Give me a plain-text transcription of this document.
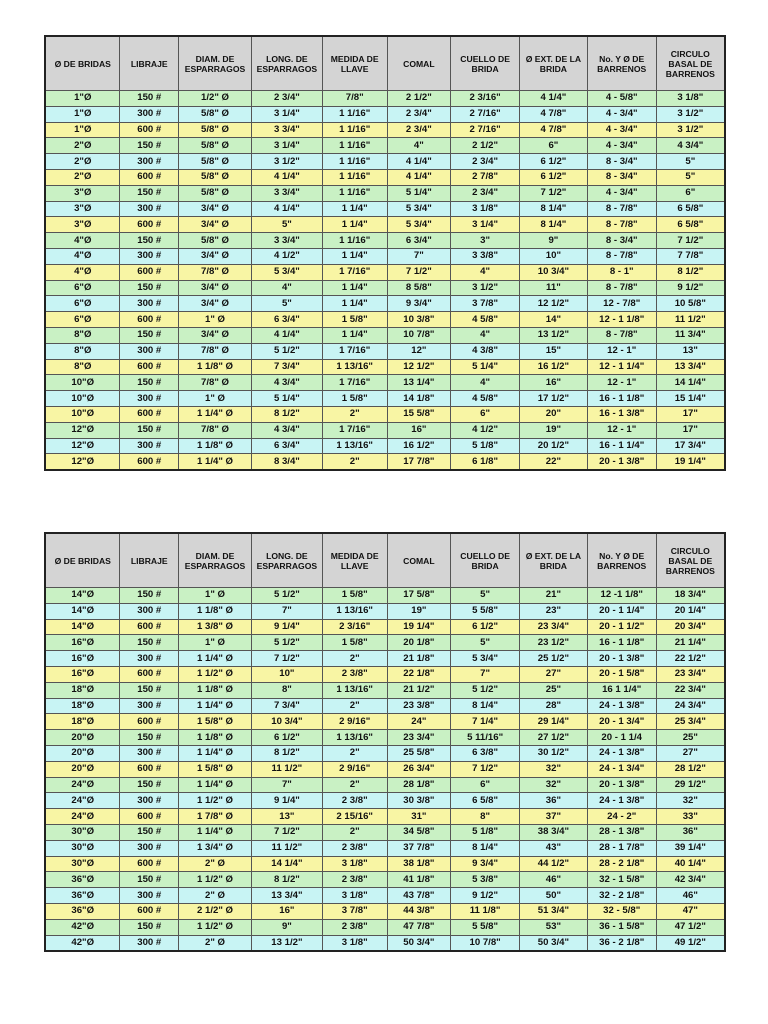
Ø DE BRIDAS	LIBRAJE	DIAM. DE ESPARRAGOS	LONG. DE ESPARRAGOS	MEDIDA DE LLAVE	COMAL	CUELLO DE BRIDA	Ø EXT. DE LA BRIDA	No. Y Ø DE BARRENOS	CIRCULO BASAL DE BARRENOS
1"Ø	150 #	1/2" Ø	2 3/4"	7/8"	2 1/2"	2 3/16"	4 1/4"	4 - 5/8"	3 1/8"
1"Ø	300 #	5/8" Ø	3 1/4"	1 1/16"	2 3/4"	2 7/16"	4 7/8"	4 - 3/4"	3 1/2"
1"Ø	600 #	5/8" Ø	3 3/4"	1 1/16"	2 3/4"	2 7/16"	4 7/8"	4 - 3/4"	3 1/2"
2"Ø	150 #	5/8" Ø	3 1/4"	1 1/16"	4"	2 1/2"	6"	4 - 3/4"	4 3/4"
2"Ø	300 #	5/8" Ø	3 1/2"	1 1/16"	4 1/4"	2 3/4"	6 1/2"	8 - 3/4"	5"
2"Ø	600 #	5/8" Ø	4 1/4"	1 1/16"	4 1/4"	2 7/8"	6 1/2"	8 - 3/4"	5"
3"Ø	150 #	5/8" Ø	3 3/4"	1 1/16"	5 1/4"	2 3/4"	7 1/2"	4 - 3/4"	6"
3"Ø	300 #	3/4" Ø	4 1/4"	1 1/4"	5 3/4"	3 1/8"	8 1/4"	8 - 7/8"	6 5/8"
3"Ø	600 #	3/4" Ø	5"	1 1/4"	5 3/4"	3 1/4"	8 1/4"	8 - 7/8"	6 5/8"
4"Ø	150 #	5/8" Ø	3 3/4"	1 1/16"	6 3/4"	3"	9"	8 - 3/4"	7 1/2"
4"Ø	300 #	3/4" Ø	4 1/2"	1 1/4"	7"	3 3/8"	10"	8 - 7/8"	7 7/8"
4"Ø	600 #	7/8" Ø	5 3/4"	1 7/16"	7 1/2"	4"	10 3/4"	8 - 1"	8 1/2"
6"Ø	150 #	3/4" Ø	4"	1 1/4"	8 5/8"	3 1/2"	11"	8 - 7/8"	9 1/2"
6"Ø	300 #	3/4" Ø	5"	1 1/4"	9 3/4"	3 7/8"	12 1/2"	12 - 7/8"	10 5/8"
6"Ø	600 #	1" Ø	6 3/4"	1 5/8"	10 3/8"	4 5/8"	14"	12 - 1 1/8"	11 1/2"
8"Ø	150 #	3/4" Ø	4 1/4"	1 1/4"	10 7/8"	4"	13 1/2"	8 - 7/8"	11 3/4"
8"Ø	300 #	7/8" Ø	5 1/2"	1 7/16"	12"	4 3/8"	15"	12 - 1"	13"
8"Ø	600 #	1 1/8" Ø	7 3/4"	1 13/16"	12 1/2"	5 1/4"	16 1/2"	12 - 1 1/4"	13 3/4"
10"Ø	150 #	7/8" Ø	4 3/4"	1 7/16"	13 1/4"	4"	16"	12 - 1"	14 1/4"
10"Ø	300 #	1" Ø	5 1/4"	1 5/8"	14 1/8"	4 5/8"	17 1/2"	16 - 1 1/8"	15 1/4"
10"Ø	600 #	1 1/4" Ø	8 1/2"	2"	15 5/8"	6"	20"	16 - 1 3/8"	17"
12"Ø	150 #	7/8" Ø	4 3/4"	1 7/16"	16"	4 1/2"	19"	12 - 1"	17"
12"Ø	300 #	1 1/8" Ø	6 3/4"	1 13/16"	16 1/2"	5 1/8"	20 1/2"	16 - 1 1/4"	17 3/4"
12"Ø	600 #	1 1/4" Ø	8 3/4"	2"	17 7/8"	6 1/8"	22"	20 - 1 3/8"	19 1/4"
Ø DE BRIDAS	LIBRAJE	DIAM. DE ESPARRAGOS	LONG. DE ESPARRAGOS	MEDIDA DE LLAVE	COMAL	CUELLO DE BRIDA	Ø EXT. DE LA BRIDA	No. Y Ø DE BARRENOS	CIRCULO BASAL DE BARRENOS
14"Ø	150 #	1" Ø	5 1/2"	1 5/8"	17 5/8"	5"	21"	12 -1 1/8"	18 3/4"
14"Ø	300 #	1 1/8" Ø	7"	1 13/16"	19"	5 5/8"	23"	20 - 1 1/4"	20 1/4"
14"Ø	600 #	1 3/8" Ø	9 1/4"	2 3/16"	19 1/4"	6 1/2"	23 3/4"	20 - 1 1/2"	20 3/4"
16"Ø	150 #	1" Ø	5 1/2"	1 5/8"	20 1/8"	5"	23 1/2"	16 - 1 1/8"	21 1/4"
16"Ø	300 #	1 1/4" Ø	7 1/2"	2"	21 1/8"	5 3/4"	25 1/2"	20 - 1 3/8"	22 1/2"
16"Ø	600 #	1 1/2" Ø	10"	2 3/8"	22 1/8"	7"	27"	20 - 1 5/8"	23 3/4"
18"Ø	150 #	1 1/8" Ø	8"	1 13/16"	21 1/2"	5 1/2"	25"	16 1 1/4"	22 3/4"
18"Ø	300 #	1 1/4" Ø	7 3/4"	2"	23 3/8"	8 1/4"	28"	24 - 1 3/8"	24 3/4"
18"Ø	600 #	1 5/8" Ø	10 3/4"	2 9/16"	24"	7 1/4"	29 1/4"	20 - 1 3/4"	25 3/4"
20"Ø	150 #	1 1/8" Ø	6 1/2"	1 13/16"	23 3/4"	5 11/16"	27 1/2"	20 - 1 1/4	25"
20"Ø	300 #	1 1/4" Ø	8 1/2"	2"	25 5/8"	6 3/8"	30 1/2"	24 - 1 3/8"	27"
20"Ø	600 #	1 5/8" Ø	11 1/2"	2 9/16"	26 3/4"	7 1/2"	32"	24 - 1 3/4"	28 1/2"
24"Ø	150 #	1 1/4" Ø	7"	2"	28 1/8"	6"	32"	20 - 1 3/8"	29 1/2"
24"Ø	300 #	1 1/2" Ø	9 1/4"	2 3/8"	30 3/8"	6 5/8"	36"	24 - 1 3/8"	32"
24"Ø	600 #	1 7/8" Ø	13"	2 15/16"	31"	8"	37"	24 - 2"	33"
30"Ø	150 #	1 1/4" Ø	7 1/2"	2"	34 5/8"	5 1/8"	38 3/4"	28 - 1 3/8"	36"
30"Ø	300 #	1 3/4" Ø	11 1/2"	2 3/8"	37 7/8"	8 1/4"	43"	28 - 1 7/8"	39 1/4"
30"Ø	600 #	2" Ø	14 1/4"	3 1/8"	38 1/8"	9 3/4"	44 1/2"	28 - 2 1/8"	40 1/4"
36"Ø	150 #	1 1/2" Ø	8 1/2"	2 3/8"	41 1/8"	5 3/8"	46"	32 - 1 5/8"	42 3/4"
36"Ø	300 #	2" Ø	13 3/4"	3 1/8"	43 7/8"	9 1/2"	50"	32 - 2 1/8"	46"
36"Ø	600 #	2 1/2" Ø	16"	3 7/8"	44 3/8"	11 1/8"	51 3/4"	32 - 5/8"	47"
42"Ø	150 #	1 1/2" Ø	9"	2 3/8"	47 7/8"	5 5/8"	53"	36 - 1 5/8"	47 1/2"
42"Ø	300 #	2" Ø	13 1/2"	3 1/8"	50 3/4"	10 7/8"	50 3/4"	36 - 2 1/8"	49 1/2"
